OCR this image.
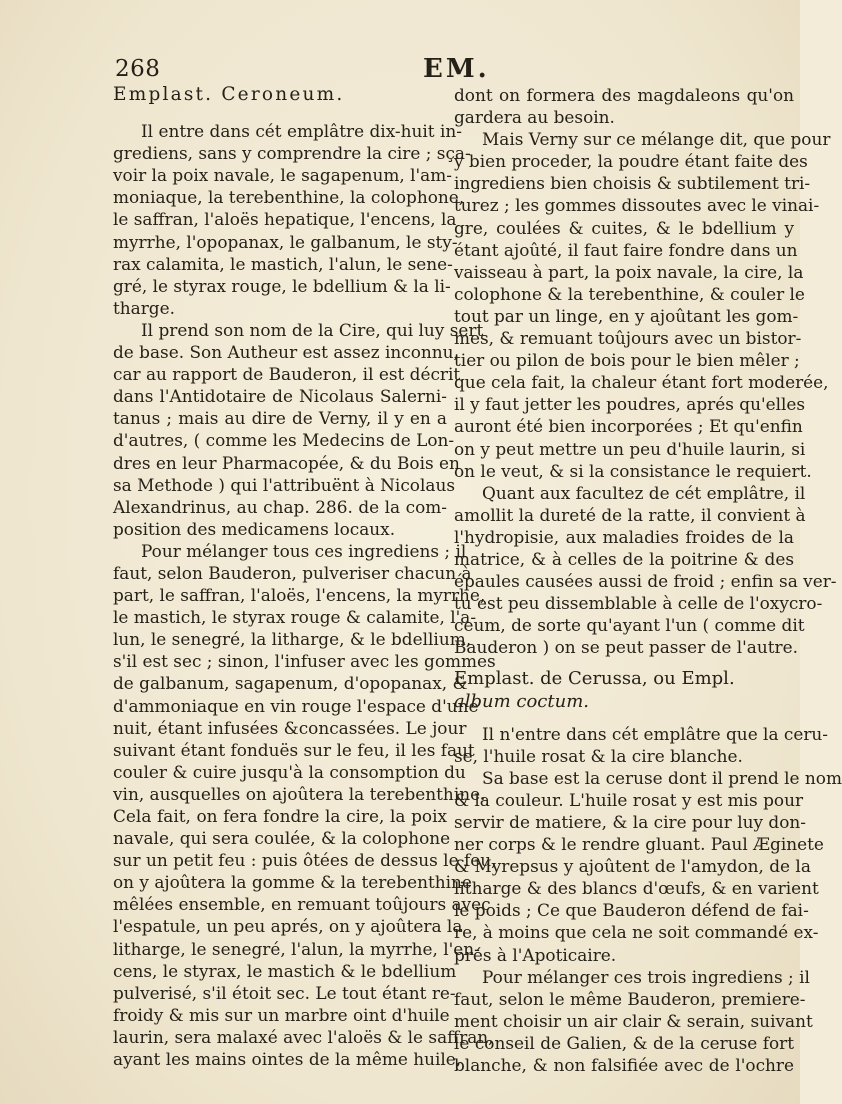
268	EM.
Emplast. Ceroneum.
Il entre dans cét emplâtre dix-huit in-
grediens, sans y comprendre la cire ; sça-
voir la poix navale, le sagapenum, l'am-
moniaque, la terebenthine, la colophone,
le saffran, l'aloës hepatique, l'encens, la
myrrhe, l'opopanax, le galbanum, le sty-
rax calamita, le mastich, l'alun, le sene-
gré, le styrax rouge, le bdellium & la li-
tharge.
Il prend son nom de la Cire, qui luy sert
de base. Son Autheur est assez inconnu,
car au rapport de Bauderon, il est décrit
dans l'Antidotaire de Nicolaus Salerni-
tanus ; mais au dire de Verny, il y en a
d'autres, ( comme les Medecins de Lon-
dres en leur Pharmacopée, & du Bois en
sa Methode ) qui l'attribuënt à Nicolaus
Alexandrinus, au chap. 286. de la com-
position des medicamens locaux.
Pour mélanger tous ces ingrediens ; il
faut, selon Bauderon, pulveriser chacun à
part, le saffran, l'aloës, l'encens, la myrrhe,
le mastich, le styrax rouge & calamite, l'a-
lun, le senegré, la litharge, & le bdellium,
s'il est sec ; sinon, l'infuser avec les gommes
de galbanum, sagapenum, d'opopanax, &
d'ammoniaque en vin rouge l'espace d'une
nuit, étant infusées &concassées. Le jour
suivant étant fonduës sur le feu, il les faut
couler & cuire jusqu'à la consomption du
vin, ausquelles on ajoûtera la terebenthine.
Cela fait, on fera fondre la cire, la poix
navale, qui sera coulée, & la colophone
sur un petit feu : puis ôtées de dessus le feu,
on y ajoûtera la gomme & la terebenthine
mêlées ensemble, en remuant toûjours avec
l'espatule, un peu aprés, on y ajoûtera la
litharge, le senegré, l'alun, la myrrhe, l'en-
cens, le styrax, le mastich & le bdellium
pulverisé, s'il étoit sec. Le tout étant re-
froidy & mis sur un marbre oint d'huile
laurin, sera malaxé avec l'aloës & le saffran,
ayant les mains ointes de la même huile,
dont on formera des magdaleons qu'on
gardera au besoin.
Mais Verny sur ce mélange dit, que pour
y bien proceder, la poudre étant faite des
ingrediens bien choisis & subtilement tri-
turez ; les gommes dissoutes avec le vinai-
gre, coulées & cuites, & le bdellium y
étant ajoûté, il faut faire fondre dans un
vaisseau à part, la poix navale, la cire, la
colophone & la terebenthine, & couler le
tout par un linge, en y ajoûtant les gom-
mes, & remuant toûjours avec un bistor-
tier ou pilon de bois pour le bien mêler ;
que cela fait, la chaleur étant fort moderée,
il y faut jetter les poudres, aprés qu'elles
auront été bien incorporées ; Et qu'enfin
on y peut mettre un peu d'huile laurin, si
on le veut, & si la consistance le requiert.
Quant aux facultez de cét emplâtre, il
amollit la dureté de la ratte, il convient à
l'hydropisie, aux maladies froides de la
matrice, & à celles de la poitrine & des
épaules causées aussi de froid ; enfin sa ver-
tu est peu dissemblable à celle de l'oxycro-
ceum, de sorte qu'ayant l'un ( comme dit
Bauderon ) on se peut passer de l'autre.
Emplast. de Cerussa, ou Empl.
album coctum.
Il n'entre dans cét emplâtre que la ceru-
se, l'huile rosat & la cire blanche.
Sa base est la ceruse dont il prend le nom
& la couleur. L'huile rosat y est mis pour
servir de matiere, & la cire pour luy don-
ner corps & le rendre gluant. Paul Æginete
& Myrepsus y ajoûtent de l'amydon, de la
litharge & des blancs d'œufs, & en varient
le poids ; Ce que Bauderon défend de fai-
re, à moins que cela ne soit commandé ex-
prés à l'Apoticaire.
Pour mélanger ces trois ingrediens ; il
faut, selon le même Bauderon, premiere-
ment choisir un air clair & serain, suivant
le conseil de Galien, & de la ceruse fort
blanche, & non falsifiée avec de l'ochre
